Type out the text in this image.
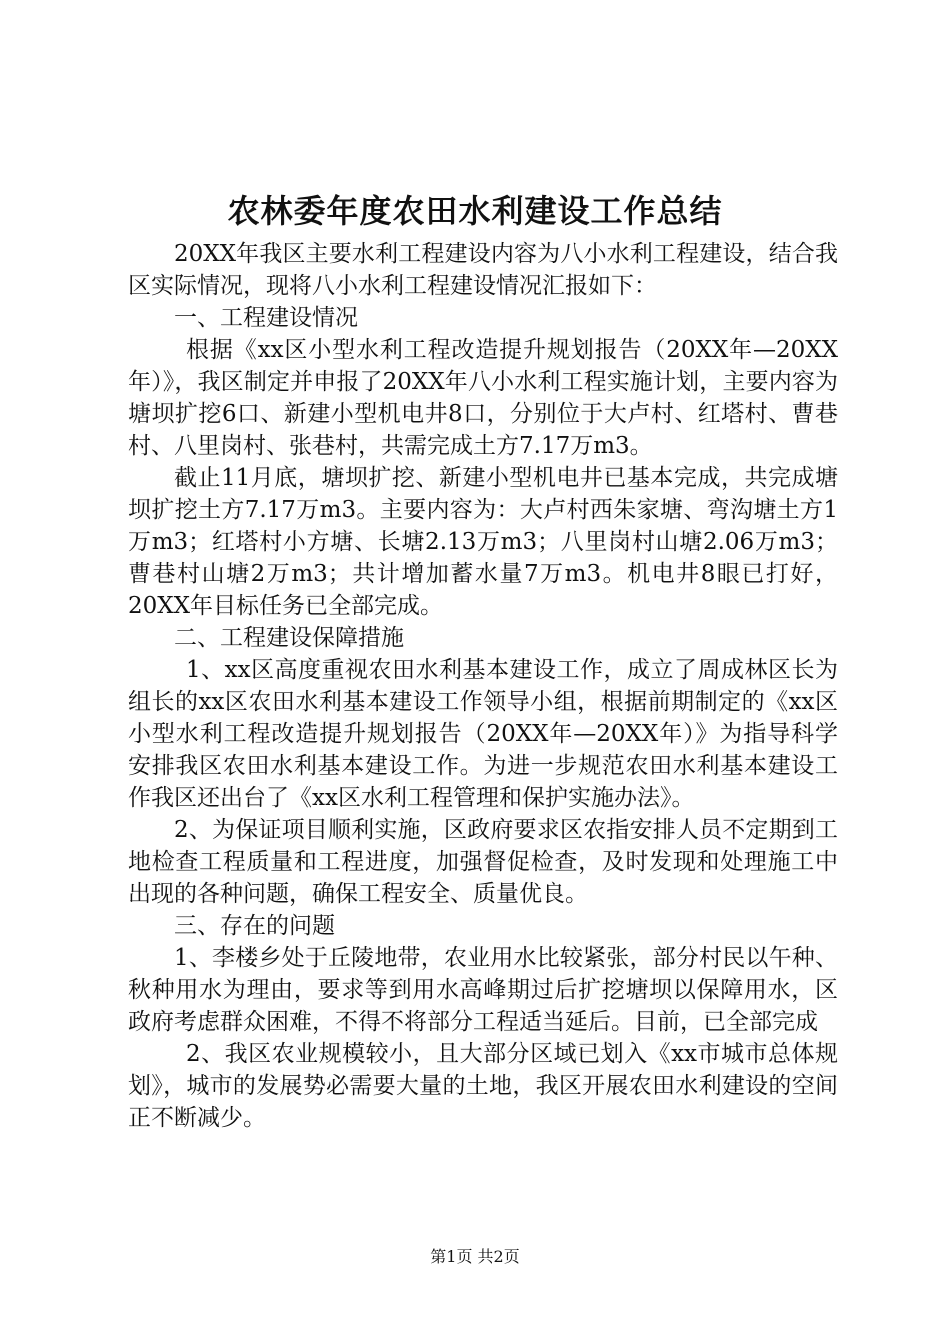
农林委年度农田水利建设工作总结

20XX年我区主要水利工程建设内容为八小水利工程建设，结合我区实际情况，现将八小水利工程建设情况汇报如下：

一、工程建设情况

根据《xx区小型水利工程改造提升规划报告（20XX年—20XX年）》，我区制定并申报了20XX年八小水利工程实施计划，主要内容为塘坝扩挖6口、新建小型机电井8口，分别位于大卢村、红塔村、曹巷村、八里岗村、张巷村，共需完成土方7.17万m3。

截止11月底，塘坝扩挖、新建小型机电井已基本完成，共完成塘坝扩挖土方7.17万m3。主要内容为：大卢村西朱家塘、弯沟塘土方1万m3；红塔村小方塘、长塘2.13万m3；八里岗村山塘2.06万m3；曹巷村山塘2万m3；共计增加蓄水量7万m3。机电井8眼已打好，20XX年目标任务已全部完成。

二、工程建设保障措施

1、xx区高度重视农田水利基本建设工作，成立了周成林区长为组长的xx区农田水利基本建设工作领导小组，根据前期制定的《xx区小型水利工程改造提升规划报告（20XX年—20XX年）》为指导科学安排我区农田水利基本建设工作。为进一步规范农田水利基本建设工作我区还出台了《xx区水利工程管理和保护实施办法》。

2、为保证项目顺利实施，区政府要求区农指安排人员不定期到工地检查工程质量和工程进度，加强督促检查，及时发现和处理施工中出现的各种问题，确保工程安全、质量优良。

三、存在的问题

1、李楼乡处于丘陵地带，农业用水比较紧张，部分村民以午种、秋种用水为理由，要求等到用水高峰期过后扩挖塘坝以保障用水，区政府考虑群众困难，不得不将部分工程适当延后。目前，已全部完成

2、我区农业规模较小，且大部分区域已划入《xx市城市总体规划》，城市的发展势必需要大量的土地，我区开展农田水利建设的空间正不断减少。

第1页 共2页
